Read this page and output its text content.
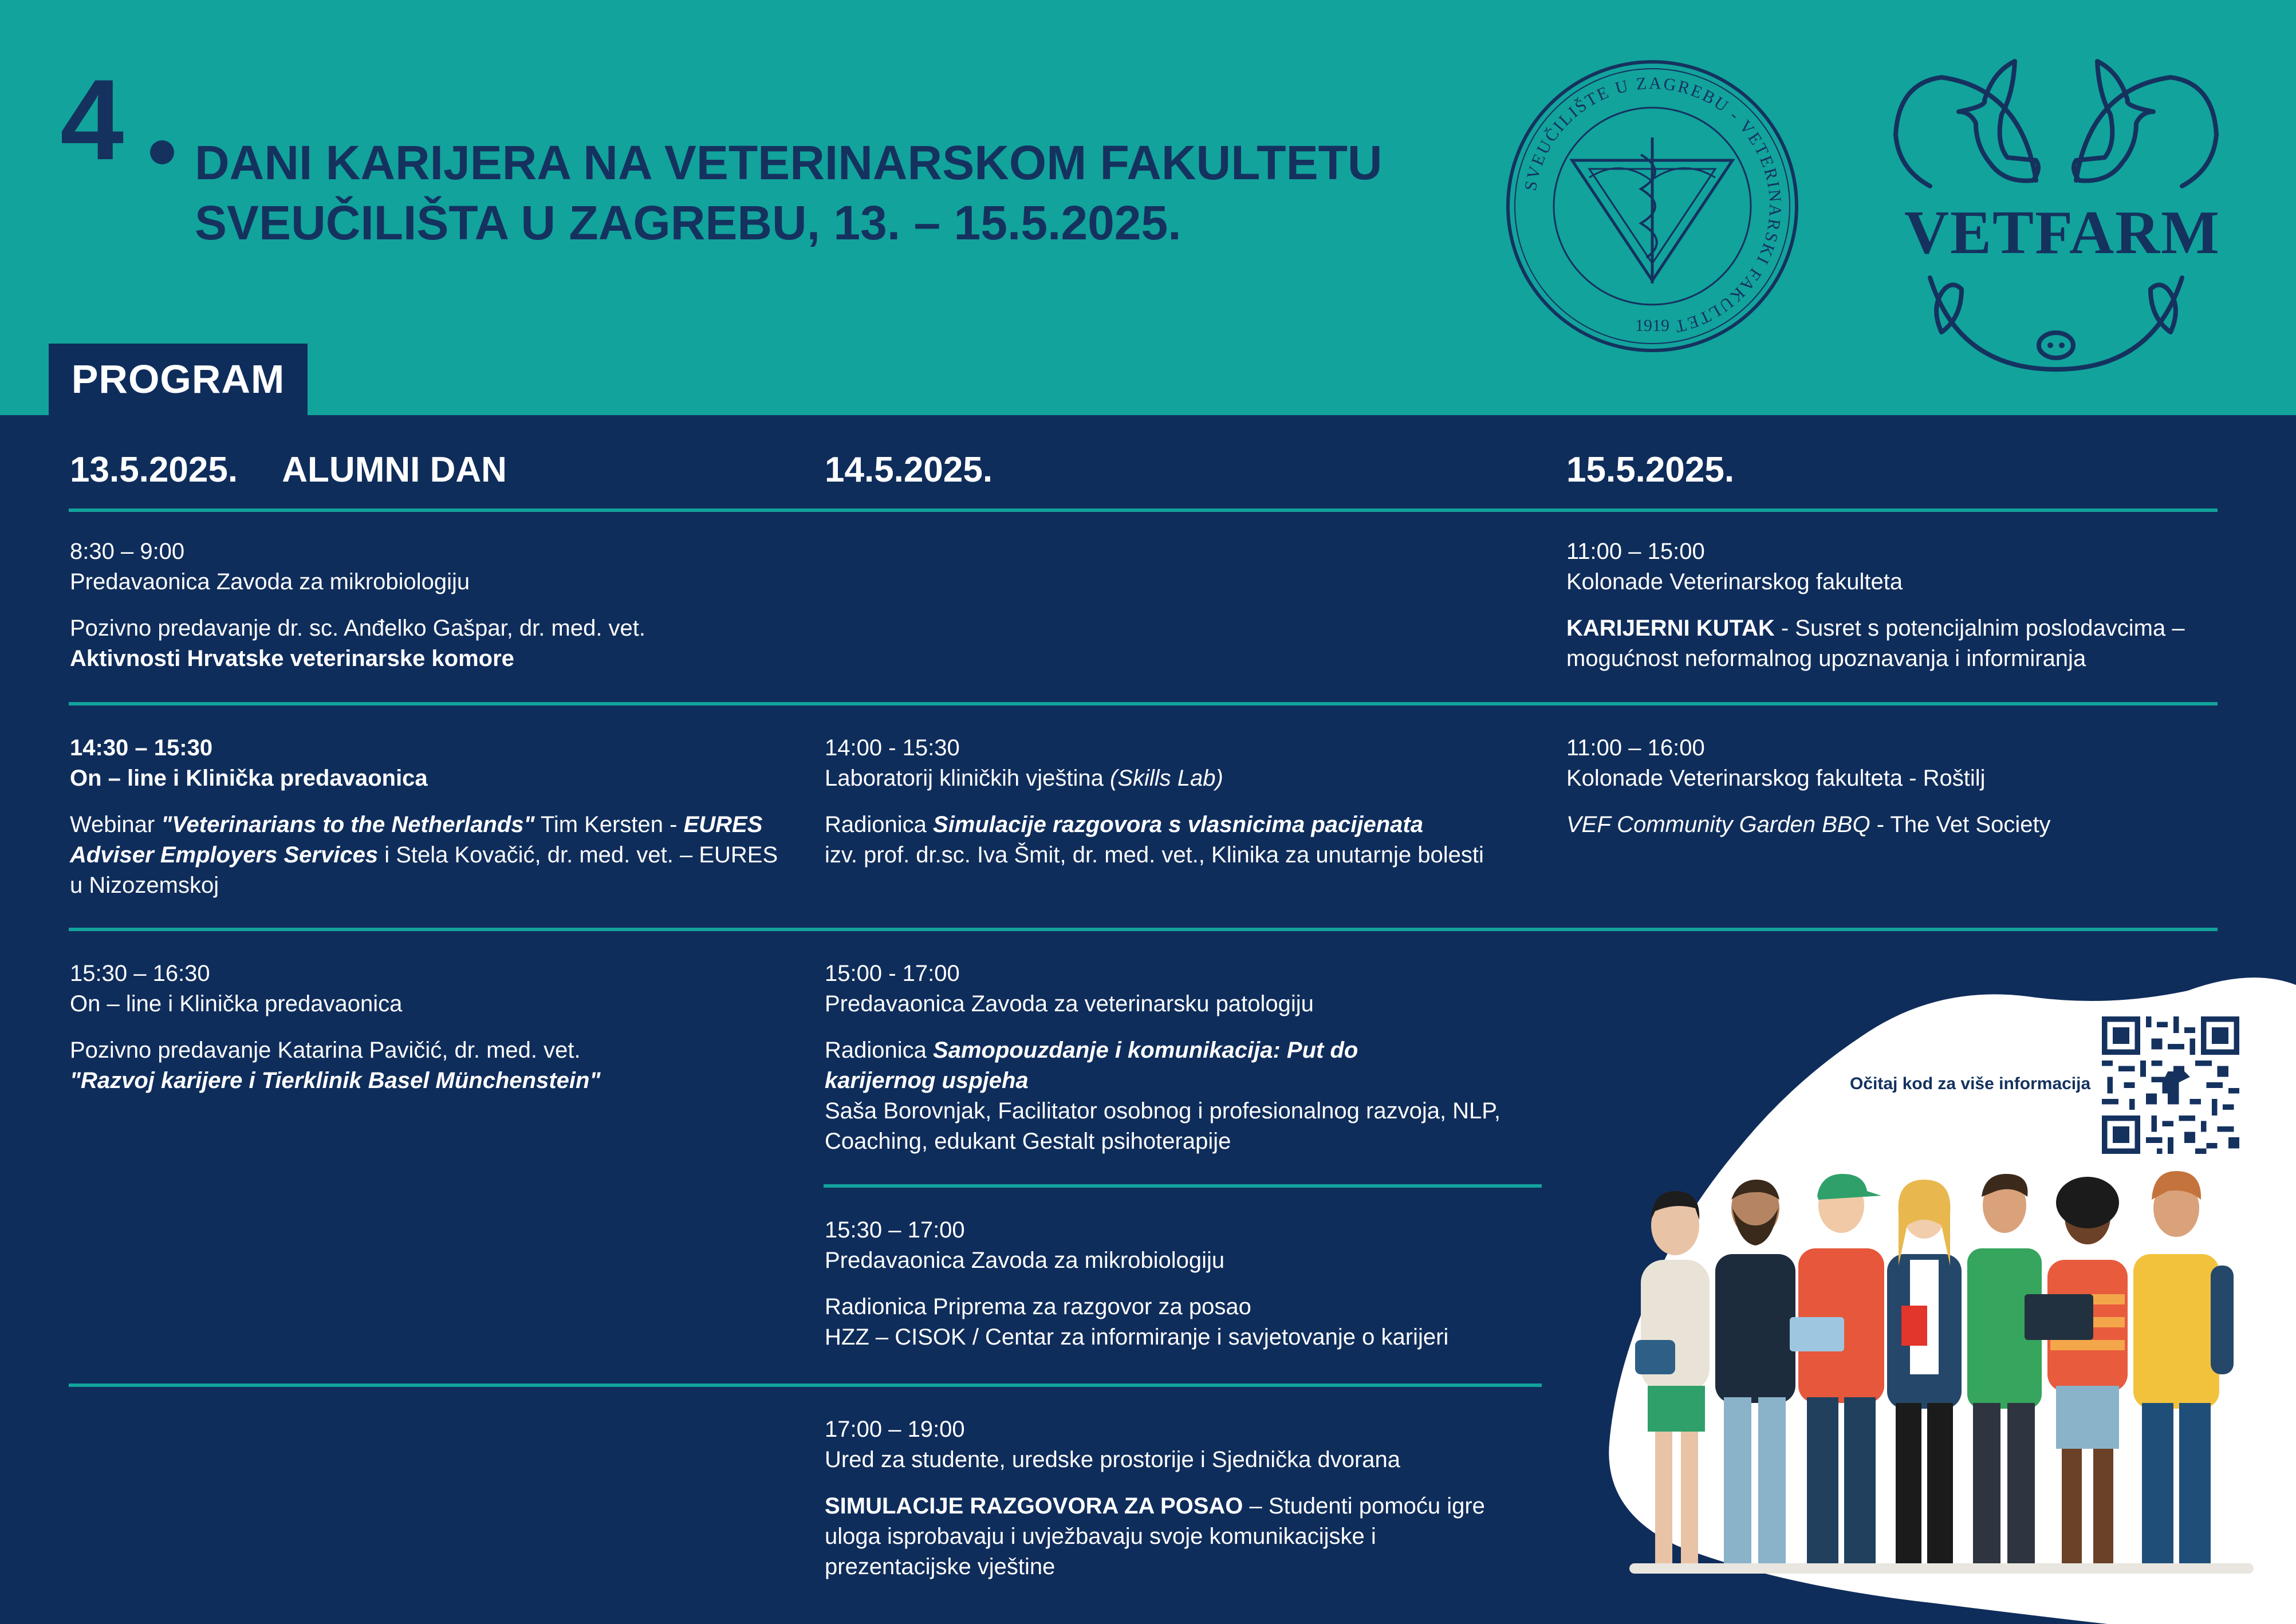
4 DANI KARIJERA NA VETERINARSKOM FAKULTETU
SVEUČILIŠTA U ZAGREBU, 13. – 15.5.2025.
SVEUČILIŠTE U ZAGREBU - VETERINARSKI FAKULTET
1919
VETFARM
PROGRAM
13.5.2025. ALUMNI DAN	14.5.2025.	15.5.2025.

8:30 – 9:00

Predavaonica Zavoda za mikrobiologiju

Pozivno predavanje dr. sc. Anđelko Gašpar, dr. med. vet.

Aktivnosti Hrvatske veterinarske komore

14:30 – 15:30

On – line i Klinička predavaonica

Webinar "Veterinarians to the Netherlands" Tim Kersten - EURES Adviser Employers Services i Stela Kovačić, dr. med. vet. – EURES u Nizozemskoj

15:30 – 16:30

On – line i Klinička predavaonica

Pozivno predavanje Katarina Pavičić, dr. med. vet.

"Razvoj karijere i Tierklinik Basel Münchenstein"

14:00 - 15:30

Laboratorij kliničkih vještina (Skills Lab)

Radionica Simulacije razgovora s vlasnicima pacijenata

izv. prof. dr.sc. Iva Šmit, dr. med. vet., Klinika za unutarnje bolesti

15:00 - 17:00

Predavaonica Zavoda za veterinarsku patologiju

Radionica Samopouzdanje i komunikacija: Put do karijernog uspjeha

Saša Borovnjak, Facilitator osobnog i profesionalnog razvoja, NLP, Coaching, edukant Gestalt psihoterapije

15:30 – 17:00

Predavaonica Zavoda za mikrobiologiju

Radionica Priprema za razgovor za posao

HZZ – CISOK / Centar za informiranje i savjetovanje o karijeri

17:00 – 19:00

Ured za studente, uredske prostorije i Sjednička dvorana

SIMULACIJE RAZGOVORA ZA POSAO – Studenti pomoću igre uloga isprobavaju i uvježbavaju svoje komunikacijske i prezentacijske vještine

11:00 – 15:00

Kolonade Veterinarskog fakulteta

KARIJERNI KUTAK - Susret s potencijalnim poslodavcima – mogućnost neformalnog upoznavanja i informiranja

11:00 – 16:00

Kolonade Veterinarskog fakulteta - Roštilj

VEF Community Garden BBQ - The Vet Society

Očitaj kod za više informacija
